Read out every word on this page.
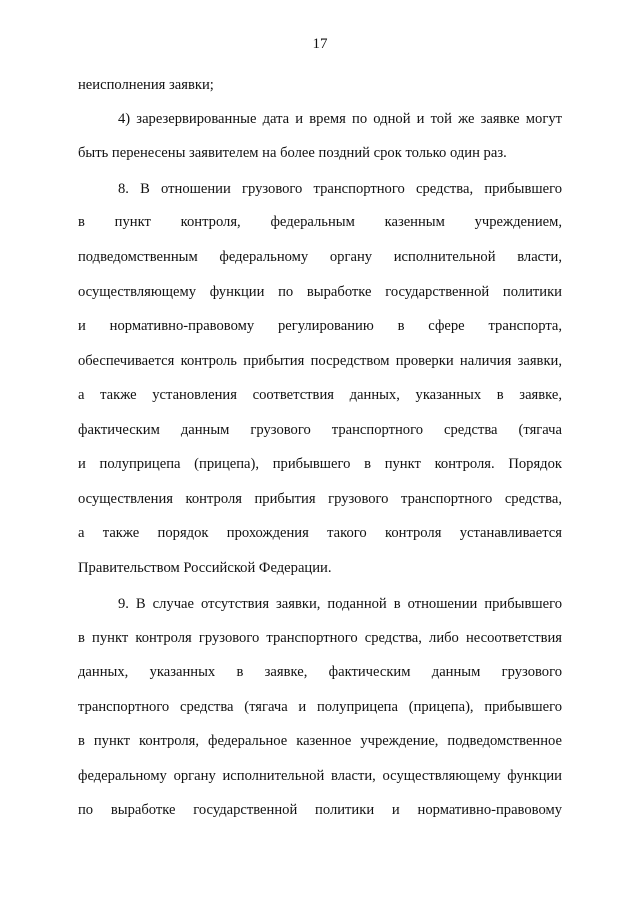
17
неисполнения заявки;
4) зарезервированные дата и время по одной и той же заявке могут
быть перенесены заявителем на более поздний срок только один раз.
8. В отношении грузового транспортного средства, прибывшего
в пункт контроля, федеральным казенным учреждением,
подведомственным федеральному органу исполнительной власти,
осуществляющему функции по выработке государственной политики
и нормативно-правовому регулированию в сфере транспорта,
обеспечивается контроль прибытия посредством проверки наличия заявки,
а также установления соответствия данных, указанных в заявке,
фактическим данным грузового транспортного средства (тягача
и полуприцепа (прицепа), прибывшего в пункт контроля. Порядок
осуществления контроля прибытия грузового транспортного средства,
а также порядок прохождения такого контроля устанавливается
Правительством Российской Федерации.
9. В случае отсутствия заявки, поданной в отношении прибывшего
в пункт контроля грузового транспортного средства, либо несоответствия
данных, указанных в заявке, фактическим данным грузового
транспортного средства (тягача и полуприцепа (прицепа), прибывшего
в пункт контроля, федеральное казенное учреждение, подведомственное
федеральному органу исполнительной власти, осуществляющему функции
по выработке государственной политики и нормативно-правовому
